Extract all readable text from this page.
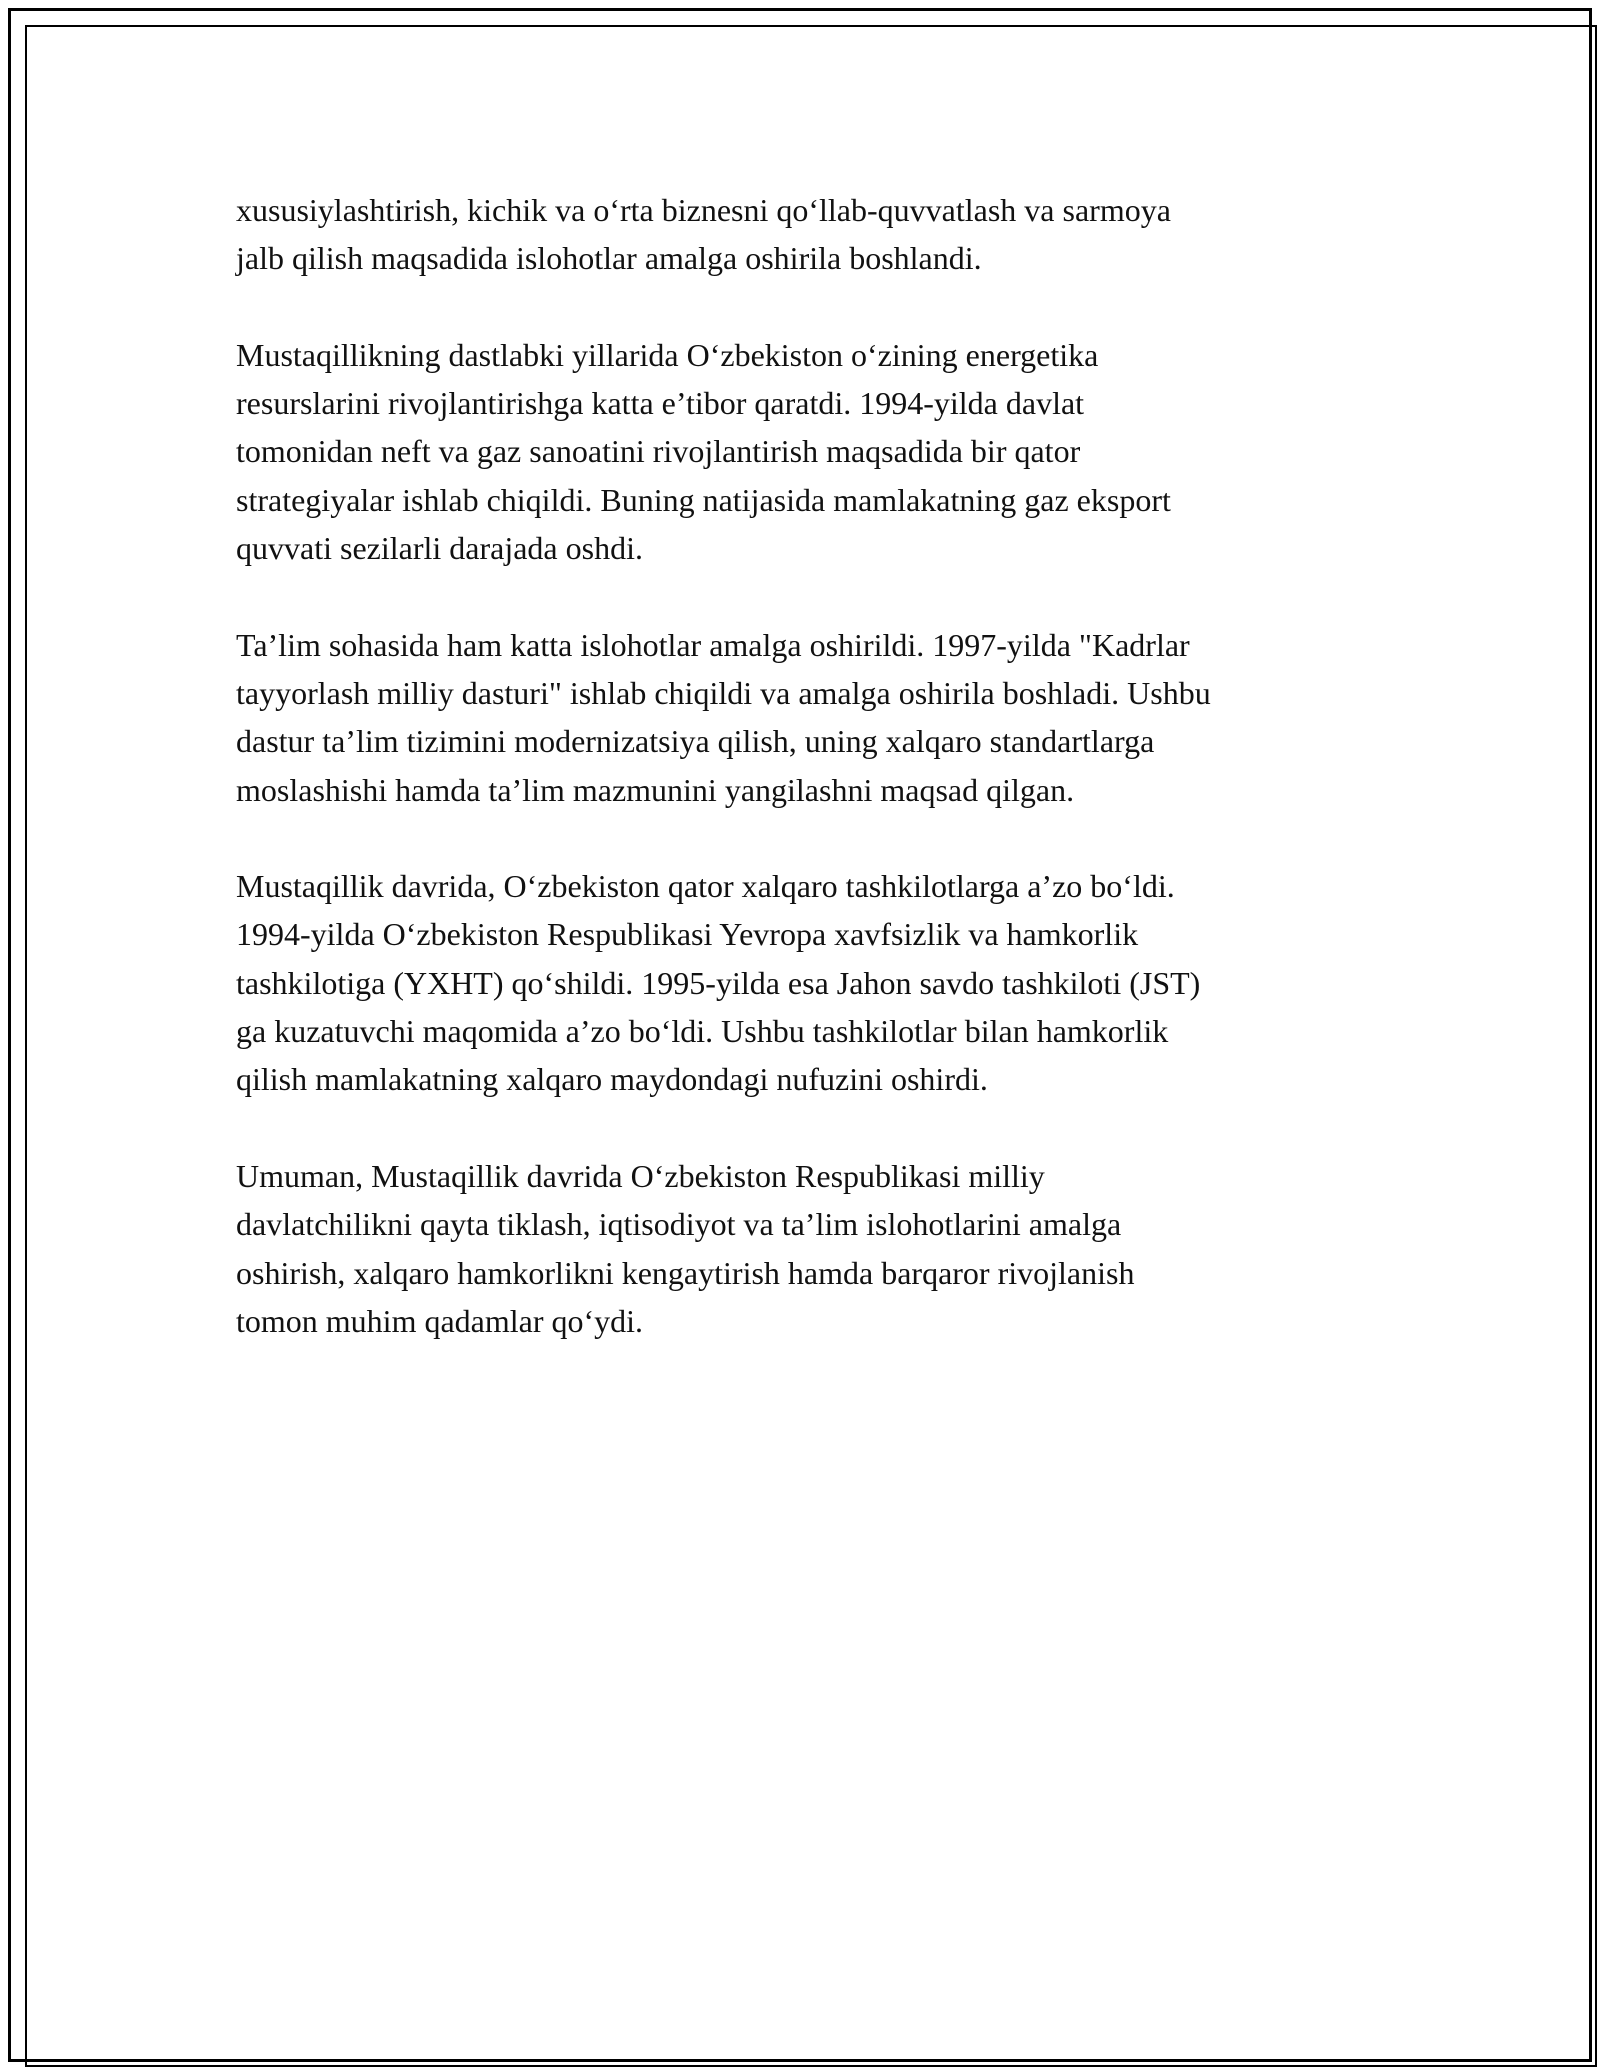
xususiylashtirish, kichik va o‘rta biznesni qo‘llab-quvvatlash va sarmoya
jalb qilish maqsadida islohotlar amalga oshirila boshlandi.

Mustaqillikning dastlabki yillarida O‘zbekiston o‘zining energetika
resurslarini rivojlantirishga katta e’tibor qaratdi. 1994-yilda davlat
tomonidan neft va gaz sanoatini rivojlantirish maqsadida bir qator
strategiyalar ishlab chiqildi. Buning natijasida mamlakatning gaz eksport
quvvati sezilarli darajada oshdi.

Ta’lim sohasida ham katta islohotlar amalga oshirildi. 1997-yilda "Kadrlar
tayyorlash milliy dasturi" ishlab chiqildi va amalga oshirila boshladi. Ushbu
dastur ta’lim tizimini modernizatsiya qilish, uning xalqaro standartlarga
moslashishi hamda ta’lim mazmunini yangilashni maqsad qilgan.

Mustaqillik davrida, O‘zbekiston qator xalqaro tashkilotlarga a’zo bo‘ldi.
1994-yilda O‘zbekiston Respublikasi Yevropa xavfsizlik va hamkorlik
tashkilotiga (YXHT) qo‘shildi. 1995-yilda esa Jahon savdo tashkiloti (JST)
ga kuzatuvchi maqomida a’zo bo‘ldi. Ushbu tashkilotlar bilan hamkorlik
qilish mamlakatning xalqaro maydondagi nufuzini oshirdi.

Umuman, Mustaqillik davrida O‘zbekiston Respublikasi milliy
davlatchilikni qayta tiklash, iqtisodiyot va ta’lim islohotlarini amalga
oshirish, xalqaro hamkorlikni kengaytirish hamda barqaror rivojlanish
tomon muhim qadamlar qo‘ydi.
